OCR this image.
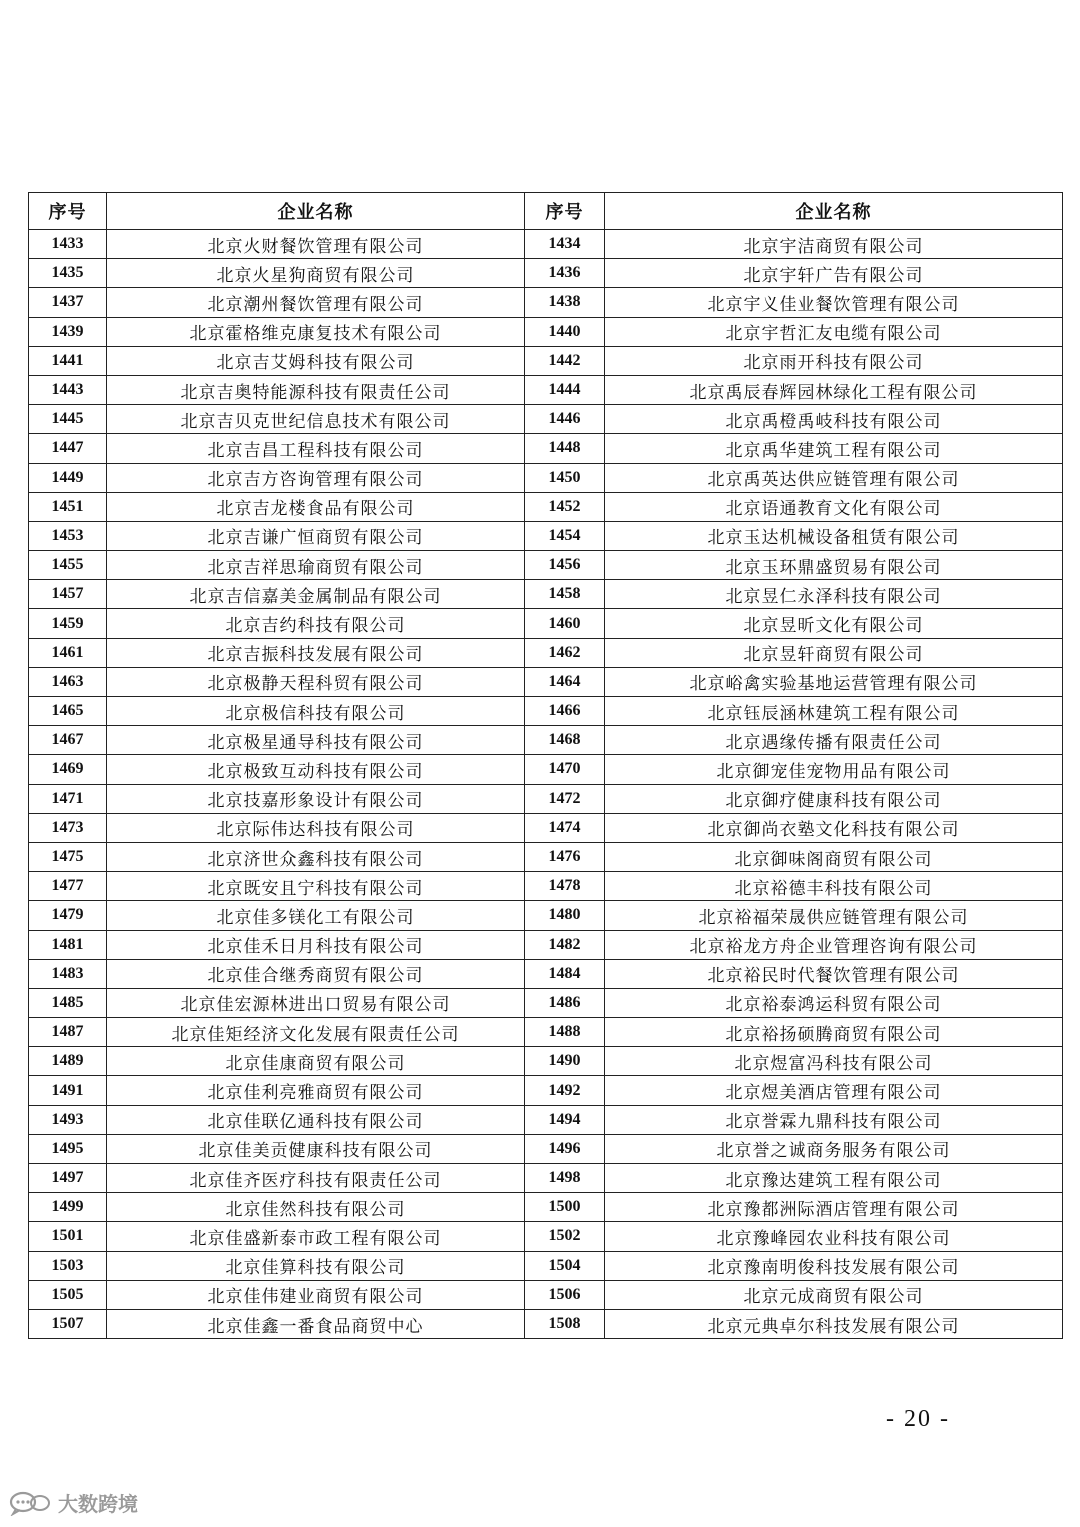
序号	企业名称	序号	企业名称
1433	北京火财餐饮管理有限公司	1434	北京宇洁商贸有限公司
1435	北京火星狗商贸有限公司	1436	北京宇轩广告有限公司
1437	北京潮州餐饮管理有限公司	1438	北京宇义佳业餐饮管理有限公司
1439	北京霍格维克康复技术有限公司	1440	北京宇哲汇友电缆有限公司
1441	北京吉艾姆科技有限公司	1442	北京雨开科技有限公司
1443	北京吉奥特能源科技有限责任公司	1444	北京禹辰春辉园林绿化工程有限公司
1445	北京吉贝克世纪信息技术有限公司	1446	北京禹橙禹岐科技有限公司
1447	北京吉昌工程科技有限公司	1448	北京禹华建筑工程有限公司
1449	北京吉方咨询管理有限公司	1450	北京禹英达供应链管理有限公司
1451	北京吉龙楼食品有限公司	1452	北京语通教育文化有限公司
1453	北京吉谦广恒商贸有限公司	1454	北京玉达机械设备租赁有限公司
1455	北京吉祥思瑜商贸有限公司	1456	北京玉环鼎盛贸易有限公司
1457	北京吉信嘉美金属制品有限公司	1458	北京昱仁永泽科技有限公司
1459	北京吉约科技有限公司	1460	北京昱昕文化有限公司
1461	北京吉振科技发展有限公司	1462	北京昱轩商贸有限公司
1463	北京极静天程科贸有限公司	1464	北京峪禽实验基地运营管理有限公司
1465	北京极信科技有限公司	1466	北京钰辰涵林建筑工程有限公司
1467	北京极星通导科技有限公司	1468	北京遇缘传播有限责任公司
1469	北京极致互动科技有限公司	1470	北京御宠佳宠物用品有限公司
1471	北京技嘉形象设计有限公司	1472	北京御疗健康科技有限公司
1473	北京际伟达科技有限公司	1474	北京御尚衣塾文化科技有限公司
1475	北京济世众鑫科技有限公司	1476	北京御味阁商贸有限公司
1477	北京既安且宁科技有限公司	1478	北京裕德丰科技有限公司
1479	北京佳多镁化工有限公司	1480	北京裕福荣晟供应链管理有限公司
1481	北京佳禾日月科技有限公司	1482	北京裕龙方舟企业管理咨询有限公司
1483	北京佳合继秀商贸有限公司	1484	北京裕民时代餐饮管理有限公司
1485	北京佳宏源林进出口贸易有限公司	1486	北京裕泰鸿运科贸有限公司
1487	北京佳矩经济文化发展有限责任公司	1488	北京裕扬硕腾商贸有限公司
1489	北京佳康商贸有限公司	1490	北京煜富冯科技有限公司
1491	北京佳利亮雅商贸有限公司	1492	北京煜美酒店管理有限公司
1493	北京佳联亿通科技有限公司	1494	北京誉霖九鼎科技有限公司
1495	北京佳美贡健康科技有限公司	1496	北京誉之诚商务服务有限公司
1497	北京佳齐医疗科技有限责任公司	1498	北京豫达建筑工程有限公司
1499	北京佳然科技有限公司	1500	北京豫都洲际酒店管理有限公司
1501	北京佳盛新泰市政工程有限公司	1502	北京豫峰园农业科技有限公司
1503	北京佳算科技有限公司	1504	北京豫南明俊科技发展有限公司
1505	北京佳伟建业商贸有限公司	1506	北京元成商贸有限公司
1507	北京佳鑫一番食品商贸中心	1508	北京元典卓尔科技发展有限公司
- 20 -
大数跨境
